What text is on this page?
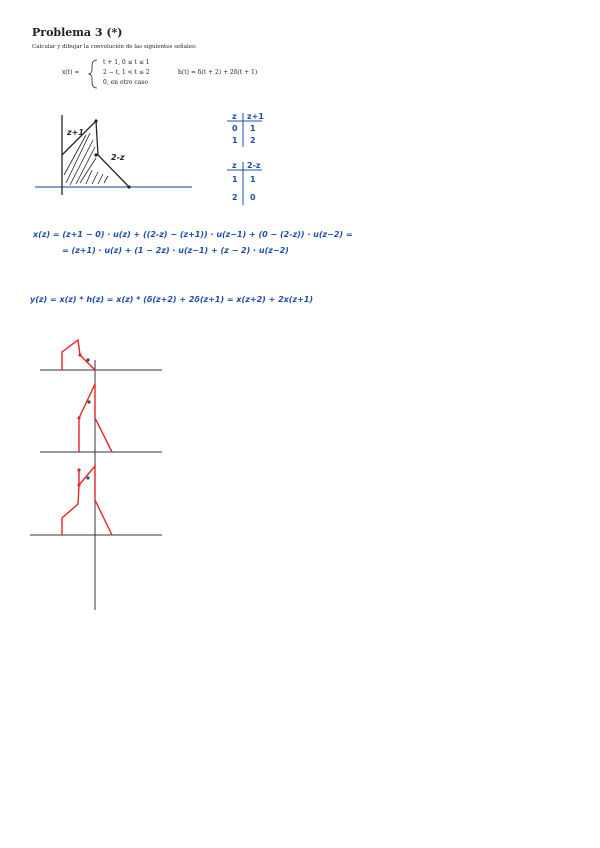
Problema 3 (*)
Calcular y dibujar la convolución de las siguientes señales:
x(t) =
t + 1, 0 ≤ t ≤ 1
2 − t, 1 < t ≤ 2
0, en otro caso
h(t) = δ(t + 2) + 2δ(t + 1)
z+1
2-z
z z+1
0 1
1 2
z 2-z
1 1
2 0
x(z) = (z+1 − 0) · u(z) + ((2-z) − (z+1)) · u(z−1) + (0 − (2-z)) · u(z−2) =
= (z+1) · u(z) + (1 − 2z) · u(z−1) + (z − 2) · u(z−2)
y(z) = x(z) * h(z) = x(z) * (δ(z+2) + 2δ(z+1) = x(z+2) + 2x(z+1)
